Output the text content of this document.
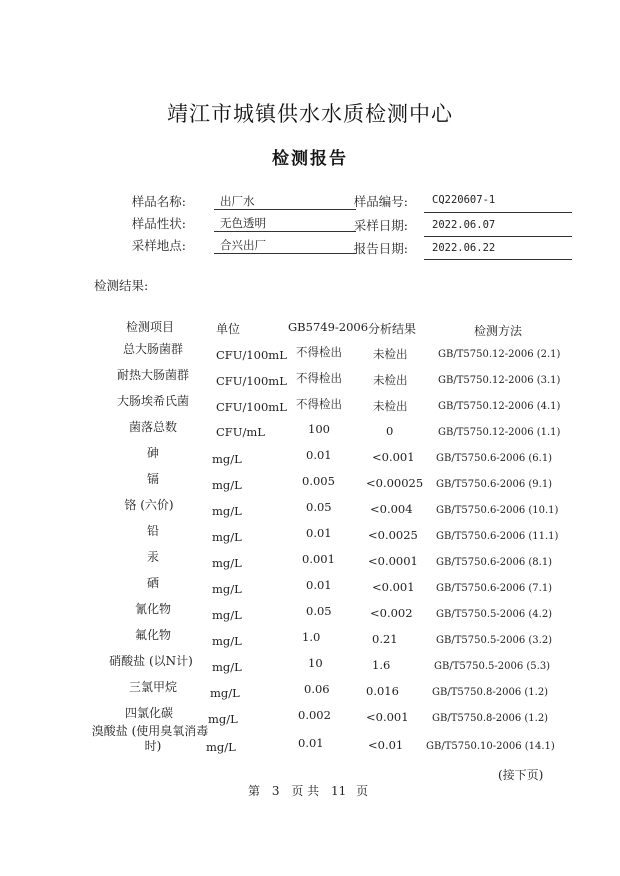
靖江市城镇供水水质检测中心
检测报告
样品名称:	出厂水	样品编号: CQ220607-1
样品性状:	无色透明	采样日期: 2022.06.07
采样地点:	合兴出厂	报告日期: 2022.06.22
检测结果:
检测项目	单位	GB5749-2006 分析结果	检测方法
总大肠菌群	CFU/100mL 不得检出	未检出	GB/T5750.12-2006 (2.1)
耐热大肠菌群	CFU/100mL 不得检出	未检出	GB/T5750.12-2006 (3.1)
大肠埃希氏菌	CFU/100mL 不得检出	未检出	GB/T5750.12-2006 (4.1)
菌落总数	CFU/mL	100	0	GB/T5750.12-2006 (1.1)
砷	mg/L	0.01	<0.001 GB/T5750.6-2006 (6.1)
镉	mg/L	0.005	<0.00025 GB/T5750.6-2006 (9.1)
铬 (六价)	mg/L	0.05	<0.004 GB/T5750.6-2006 (10.1)
铅	mg/L	0.01	<0.0025 GB/T5750.6-2006 (11.1)
汞	mg/L	0.001	<0.0001 GB/T5750.6-2006 (8.1)
硒	mg/L	0.01	<0.001 GB/T5750.6-2006 (7.1)
氰化物	mg/L	0.05	<0.002 GB/T5750.5-2006 (4.2)
氟化物	mg/L	1.0	0.21	GB/T5750.5-2006 (3.2)
硝酸盐 (以N计)	mg/L	10	1.6	GB/T5750.5-2006 (5.3)
三氯甲烷	mg/L	0.06	0.016	GB/T5750.8-2006 (1.2)
四氯化碳	mg/L	0.002	<0.001 GB/T5750.8-2006 (1.2)
溴酸盐 (使用臭氧消毒
时)	mg/L	0.01	<0.01 GB/T5750.10-2006 (14.1)
(接下页)
第 3 页 共 11 页
